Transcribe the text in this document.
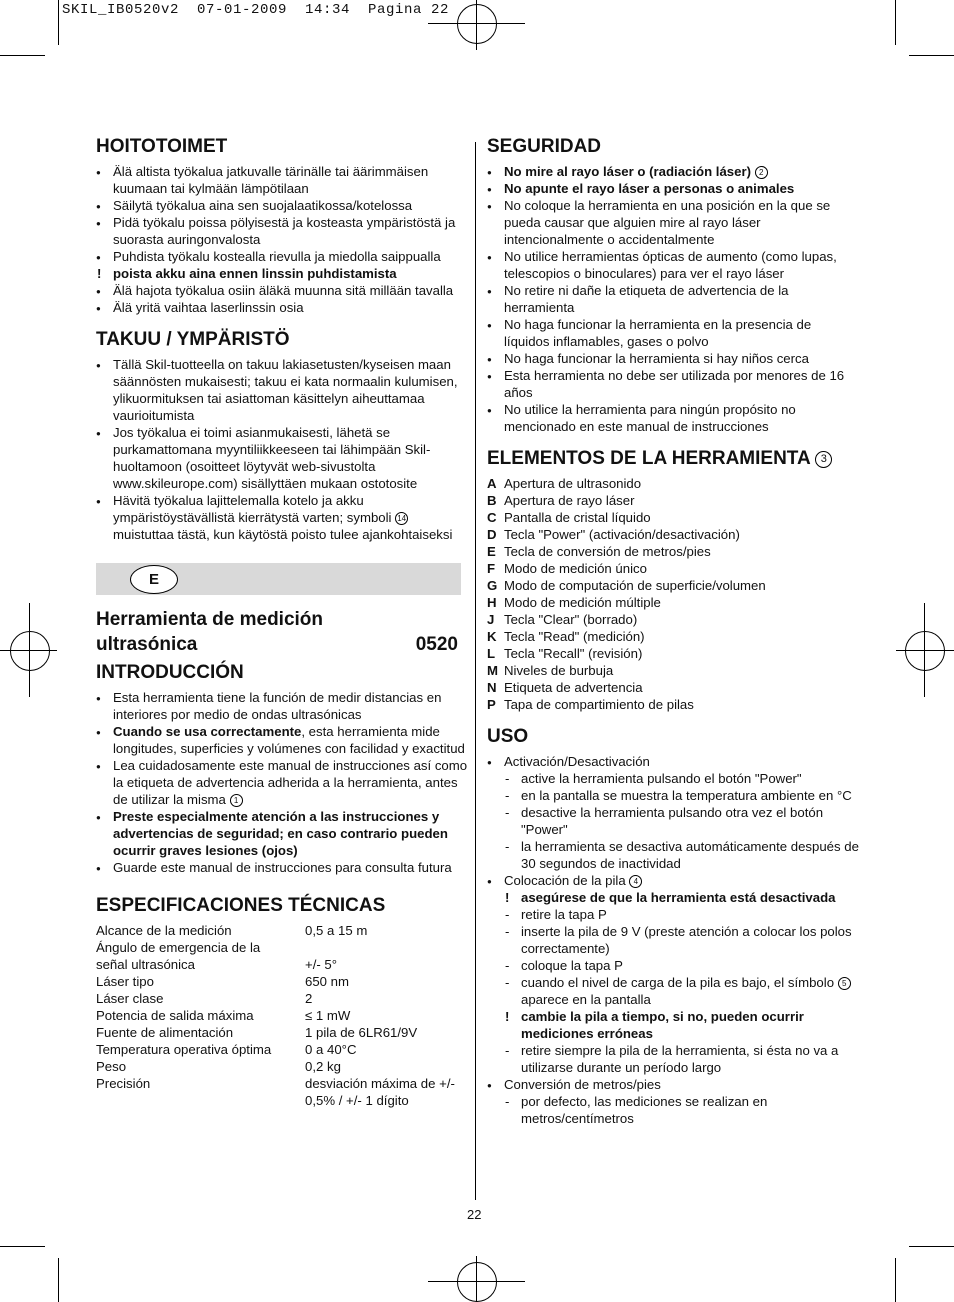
SKIL_IB0520v2  07-01-2009  14:34  Pagina 22
HOITOTOIMET
● Älä altista työkalua jatkuvalle tärinälle tai äärimmäisen kuumaan tai kylmään lämpötilaan
● Säilytä työkalua aina sen suojalaatikossa/kotelossa
● Pidä työkalu poissa pölyisestä ja kosteasta ympäristöstä ja suorasta auringonvalosta
● Puhdista työkalu kostealla rievulla ja miedolla saippualla
! poista akku aina ennen linssin puhdistamista
● Älä hajota työkalua osiin äläkä muunna sitä millään tavalla
● Älä yritä vaihtaa laserlinssin osia
TAKUU / YMPÄRISTÖ
● Tällä Skil-tuotteella on takuu lakiasetusten/kyseisen maan säännösten mukaisesti; takuu ei kata normaalin kulumisen, ylikuormituksen tai asiattoman käsittelyn aiheuttamaa vaurioitumista
● Jos työkalua ei toimi asianmukaisesti, lähetä se purkamattomana myyntiliikkeeseen tai lähimpään Skil-huoltamoon (osoitteet löytyvät web-sivustolta www.skileurope.com) sisällyttäen mukaan ostotosite
● Hävitä työkalua lajittelemalla kotelo ja akku ympäristöystävällistä kierrätystä varten; symboli 14 muistuttaa tästä, kun käytöstä poisto tulee ajankohtaiseksi
E
Herramienta de medición
ultrasónica	0520
INTRODUCCIÓN
● Esta herramienta tiene la función de medir distancias en interiores por medio de ondas ultrasónicas
● Cuando se usa correctamente, esta herramienta mide longitudes, superficies y volúmenes con facilidad y exactitud
● Lea cuidadosamente este manual de instrucciones así como la etiqueta de advertencia adherida a la herramienta, antes de utilizar la misma 1
● Preste especialmente atención a las instrucciones y advertencias de seguridad; en caso contrario pueden ocurrir graves lesiones (ojos)
● Guarde este manual de instrucciones para consulta futura
ESPECIFICACIONES TÉCNICAS
Alcance de la medición	0,5 a 15 m
Ángulo de emergencia de la señal ultrasónica	+/- 5°
Láser tipo	650 nm
Láser clase	2
Potencia de salida máxima	≤ 1 mW
Fuente de alimentación	1 pila de 6LR61/9V
Temperatura operativa óptima	0 a 40°C
Peso	0,2 kg
Precisión	desviación máxima de +/- 0,5% / +/- 1 dígito
SEGURIDAD
● No mire al rayo láser o (radiación láser) 2
● No apunte el rayo láser a personas o animales
● No coloque la herramienta en una posición en la que se pueda causar que alguien mire al rayo láser intencionalmente o accidentalmente
● No utilice herramientas ópticas de aumento (como lupas, telescopios o binoculares) para ver el rayo láser
● No retire ni dañe la etiqueta de advertencia de la herramienta
● No haga funcionar la herramienta en la presencia de líquidos inflamables, gases o polvo
● No haga funcionar la herramienta si hay niños cerca
● Esta herramienta no debe ser utilizada por menores de 16 años
● No utilice la herramienta para ningún propósito no mencionado en este manual de instrucciones
ELEMENTOS DE LA HERRAMIENTA 3
A Apertura de ultrasonido
B Apertura de rayo láser
C Pantalla de cristal líquido
D Tecla "Power" (activación/desactivación)
E Tecla de conversión de metros/pies
F Modo de medición único
G Modo de computación de superficie/volumen
H Modo de medición múltiple
J Tecla "Clear" (borrado)
K Tecla "Read" (medición)
L Tecla "Recall" (revisión)
M Niveles de burbuja
N Etiqueta de advertencia
P Tapa de compartimiento de pilas
USO
● Activación/Desactivación
- active la herramienta pulsando el botón "Power"
- en la pantalla se muestra la temperatura ambiente en °C
- desactive la herramienta pulsando otra vez el botón "Power"
- la herramienta se desactiva automáticamente después de 30 segundos de inactividad
● Colocación de la pila 4
! asegúrese de que la herramienta está desactivada
- retire la tapa P
- inserte la pila de 9 V (preste atención a colocar los polos correctamente)
- coloque la tapa P
- cuando el nivel de carga de la pila es bajo, el símbolo 5 aparece en la pantalla
! cambie la pila a tiempo, si no, pueden ocurrir mediciones erróneas
- retire siempre la pila de la herramienta, si ésta no va a utilizarse durante un período largo
● Conversión de metros/pies
- por defecto, las mediciones se realizan en metros/centímetros
22
